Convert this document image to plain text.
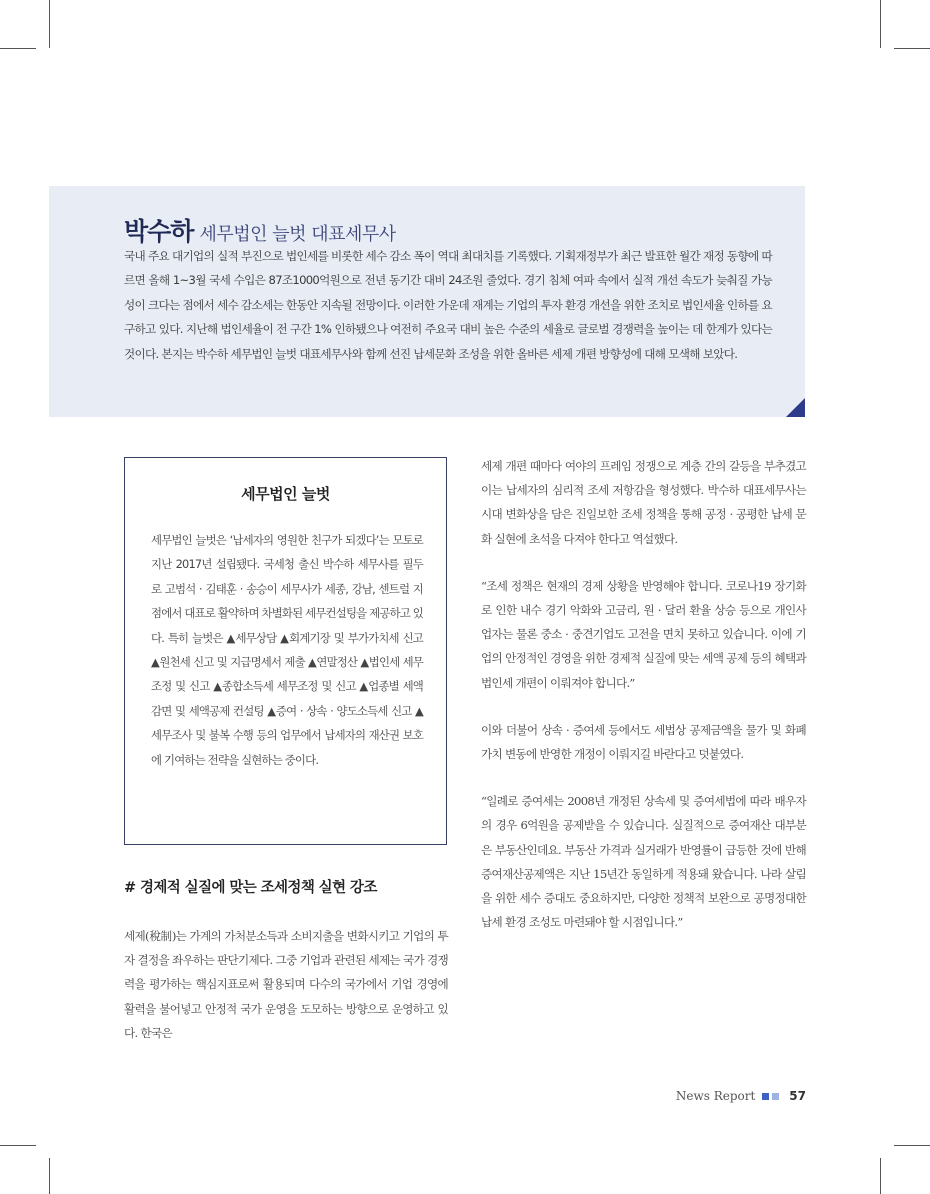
박수하 세무법인 늘벗 대표세무사

국내 주요 대기업의 실적 부진으로 법인세를 비롯한 세수 감소 폭이 역대 최대치를 기록했다. 기획재정부가 최근 발표한 월간 재정 동향에 따르면 올해 1~3월 국세 수입은 87조1000억원으로 전년 동기간 대비 24조원 줄었다. 경기 침체 여파 속에서 실적 개선 속도가 늦춰질 가능성이 크다는 점에서 세수 감소세는 한동안 지속될 전망이다. 이러한 가운데 재계는 기업의 투자 환경 개선을 위한 조치로 법인세율 인하를 요구하고 있다. 지난해 법인세율이 전 구간 1% 인하됐으나 여전히 주요국 대비 높은 수준의 세율로 글로벌 경쟁력을 높이는 데 한계가 있다는 것이다. 본지는 박수하 세무법인 늘벗 대표세무사와 함께 선진 납세문화 조성을 위한 올바른 세제 개편 방향성에 대해 모색해 보았다.

세무법인 늘벗

세무법인 늘벗은 ‘납세자의 영원한 친구가 되겠다’는 모토로 지난 2017년 설립됐다. 국세청 출신 박수하 세무사를 필두로 고범석 · 김태훈 · 송승이 세무사가 세종, 강남, 센트럴 지점에서 대표로 활약하며 차별화된 세무컨설팅을 제공하고 있다. 특히 늘벗은 ▲세무상담 ▲회계기장 및 부가가치세 신고 ▲원천세 신고 및 지급명세서 제출 ▲연말정산 ▲법인세 세무조정 및 신고 ▲종합소득세 세무조정 및 신고 ▲업종별 세액감면 및 세액공제 컨설팅 ▲증여 · 상속 · 양도소득세 신고 ▲세무조사 및 불복 수행 등의 업무에서 납세자의 재산권 보호에 기여하는 전략을 실현하는 중이다.

# 경제적 실질에 맞는 조세정책 실현 강조

세제(稅制)는 가계의 가처분소득과 소비지출을 변화시키고 기업의 투자 결정을 좌우하는 판단기제다. 그중 기업과 관련된 세제는 국가 경쟁력을 평가하는 핵심지표로써 활용되며 다수의 국가에서 기업 경영에 활력을 불어넣고 안정적 국가 운영을 도모하는 방향으로 운영하고 있다. 한국은

세제 개편 때마다 여야의 프레임 정쟁으로 계층 간의 갈등을 부추겼고 이는 납세자의 심리적 조세 저항감을 형성했다. 박수하 대표세무사는 시대 변화상을 담은 진일보한 조세 정책을 통해 공정 · 공평한 납세 문화 실현에 초석을 다져야 한다고 역설했다.

“조세 정책은 현재의 경제 상황을 반영해야 합니다. 코로나19 장기화로 인한 내수 경기 악화와 고금리, 원 · 달러 환율 상승 등으로 개인사업자는 물론 중소 · 중견기업도 고전을 면치 못하고 있습니다. 이에 기업의 안정적인 경영을 위한 경제적 실질에 맞는 세액 공제 등의 혜택과 법인세 개편이 이뤄져야 합니다.”

이와 더불어 상속 · 증여세 등에서도 세법상 공제금액을 물가 및 화폐가치 변동에 반영한 개정이 이뤄지길 바란다고 덧붙였다.

“일례로 증여세는 2008년 개정된 상속세 및 증여세법에 따라 배우자의 경우 6억원을 공제받을 수 있습니다. 실질적으로 증여재산 대부분은 부동산인데요. 부동산 가격과 실거래가 반영률이 급등한 것에 반해 증여재산공제액은 지난 15년간 동일하게 적용돼 왔습니다. 나라 살림을 위한 세수 증대도 중요하지만, 다양한 정책적 보완으로 공명정대한 납세 환경 조성도 마련돼야 할 시점입니다.”

News Report	57
